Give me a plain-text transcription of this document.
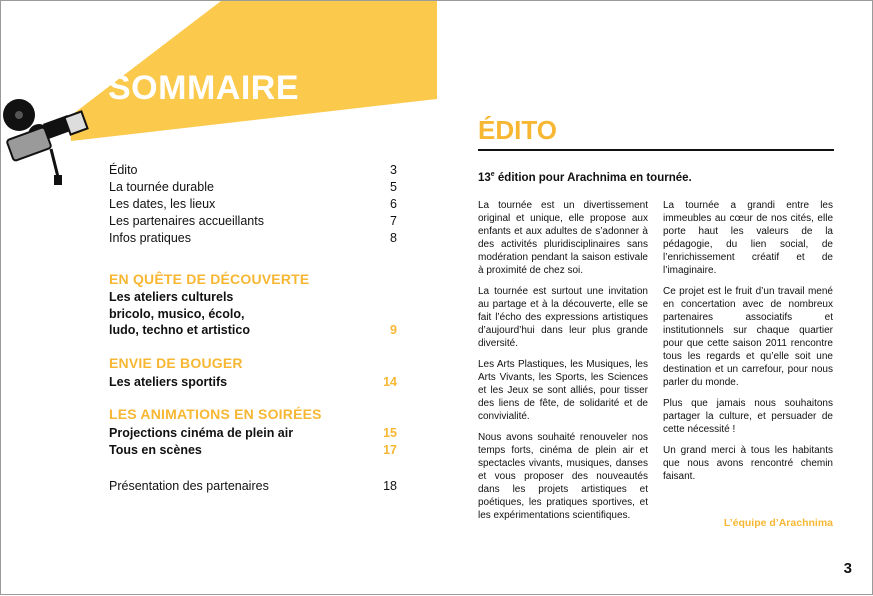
SOMMAIRE
Édito	3
La tournée durable	5
Les dates, les lieux	6
Les partenaires accueillants	7
Infos pratiques	8
EN QUÊTE DE DÉCOUVERTE
Les ateliers culturels
bricolo, musico, écolo,
ludo, techno et artistico	9
ENVIE DE BOUGER
Les ateliers sportifs	14
LES ANIMATIONS EN SOIRÉES
Projections cinéma de plein air	15
Tous en scènes	17
Présentation des partenaires	18
ÉDITO
13e édition pour Arachnima en tournée.

La tournée est un divertissement original et unique, elle propose aux enfants et aux adultes de s’adonner à des activités pluridisciplinaires sans modération pendant la saison estivale à proximité de chez soi.

La tournée est surtout une invitation au partage et à la découverte, elle se fait l’écho des expressions artistiques d’aujourd’hui dans leur plus grande diversité.

Les Arts Plastiques, les Musiques, les Arts Vivants, les Sports, les Sciences et les Jeux se sont alliés, pour tisser des liens de fête, de solidarité et de convivialité.

Nous avons souhaité renouveler nos temps forts, cinéma de plein air et spectacles vivants, musiques, danses et vous proposer des nouveautés dans les projets artistiques et poétiques, les pratiques sportives, et les expérimentations scientifiques.

La tournée a grandi entre les immeubles au cœur de nos cités, elle porte haut les valeurs de la pédagogie, du lien social, de l’enrichissement créatif et de l’imaginaire.

Ce projet est le fruit d’un travail mené en concertation avec de nombreux partenaires associatifs et institutionnels sur chaque quartier pour que cette saison 2011 rencontre tous les regards et qu’elle soit une destination et un carrefour, pour nous parler du monde.

Plus que jamais nous souhaitons partager la culture, et persuader de cette nécessité !

Un grand merci à tous les habitants que nous avons rencontré chemin faisant.

L’équipe d’Arachnima
3
